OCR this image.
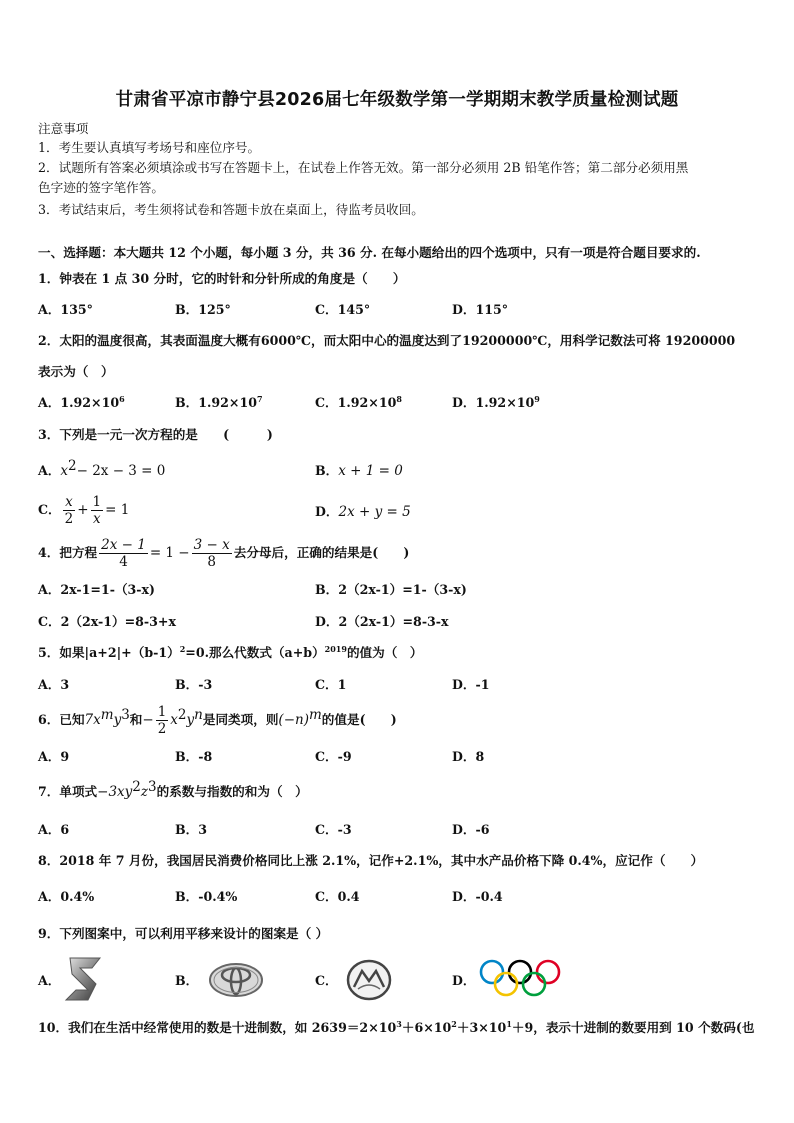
甘肃省平凉市静宁县2026届七年级数学第一学期期末教学质量检测试题
注意事项
1．考生要认真填写考场号和座位序号。
2．试题所有答案必须填涂或书写在答题卡上，在试卷上作答无效。第一部分必须用 2B 铅笔作答；第二部分必须用黑
色字迹的签字笔作答。
3．考试结束后，考生须将试卷和答题卡放在桌面上，待监考员收回。
一、选择题：本大题共 12 个小题，每小题 3 分，共 36 分. 在每小题给出的四个选项中，只有一项是符合题目要求的.
1．钟表在 1 点 30 分时，它的时针和分针所成的角度是（　　）
A．135°	B．125°	C．145°	D．115°
2．太阳的温度很高，其表面温度大概有6000℃，而太阳中心的温度达到了19200000℃，用科学记数法可将 19200000
表示为（　）
A．$1.92\times 10^6$	B．$1.92\times 10^7$	C．$1.92\times 10^8$	D．$1.92\times 10^9$
3．下列是一元一次方程的是　　(　　　)
A．$x^2- 2x - 3 = 0$	B．x + 1 = 0
C． $\frac{x}{2} + \frac{1}{x} = 1$	D．2x + y = 5
4．把方程 $\frac{2x - 1}{4} = 1 - \frac{3 - x}{8}$ 去分母后，正确的结果是(　　)
A．2x-1=1-（3-x)	B．2（2x-1）=1-（3-x)
C．2（2x-1）=8-3+x	D．2（2x-1）=8-3-x
5．如果$|a+2|+(b-1)^2=0$.那么代数式$(a+b)^{2019}$的值为（　）
A．3	B．-3	C．1	D．-1
6．已知$7x^my^3$和− $\frac{1}{2} x^2y^n$是同类项，则$(-n)^m$的值是(　　)
A．9	B．-8	C．-9	D．8
7．单项式$-3xy^2z^3$的系数与指数的和为（　）
A．6	B．3	C．-3	D．-6
8．2018 年 7 月份，我国居民消费价格同比上涨 2.1%，记作+2.1%，其中水产品价格下降 0.4%，应记作（　　）
A．0.4%	B．-0.4%	C．0.4	D．-0.4
9．下列图案中，可以利用平移来设计的图案是（ ）
A．	B．	C．	D．
10．我们在生活中经常使用的数是十进制数，如 $2639=2\times 10^3+6\times 10^2+3\times 10^1+9$，表示十进制的数要用到 10 个数码(也
